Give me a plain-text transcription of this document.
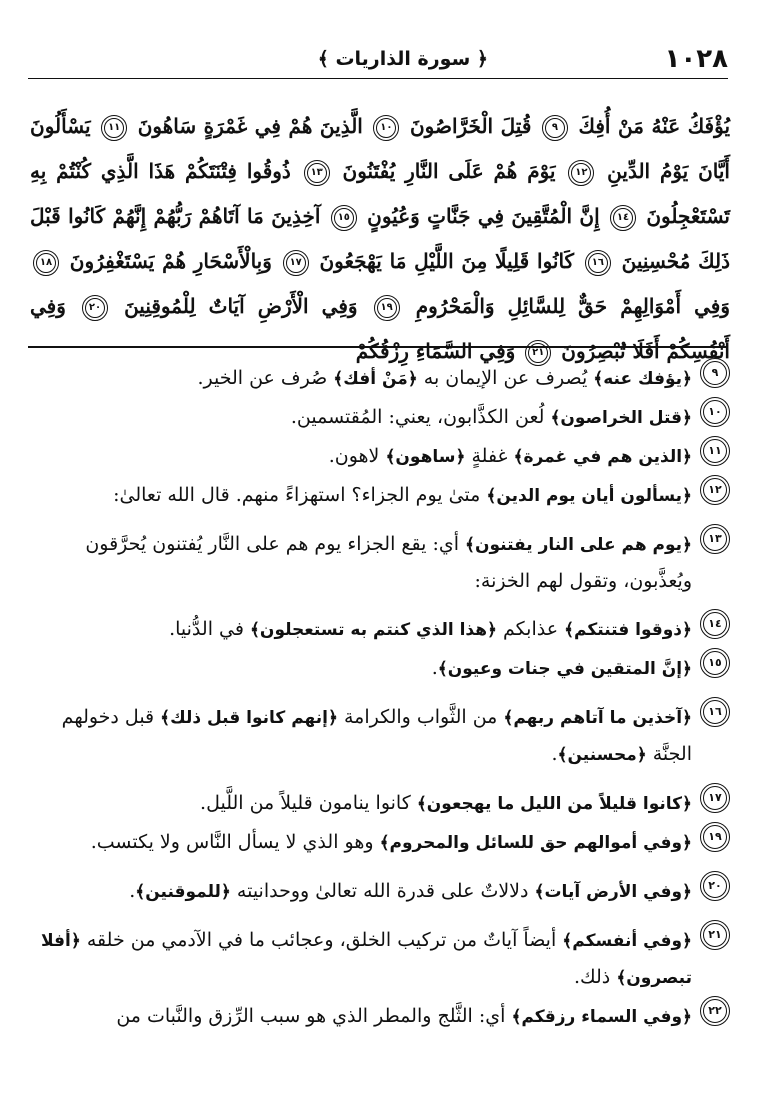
١٠٢٨
﴿ سورة الذاريات ﴾
يُؤْفَكُ عَنْهُ مَنْ أُفِكَ ٩ قُتِلَ الْخَرَّاصُونَ ١٠ الَّذِينَ هُمْ فِي غَمْرَةٍ سَاهُونَ ١١ يَسْأَلُونَ أَيَّانَ يَوْمُ الدِّينِ ١٢ يَوْمَ هُمْ عَلَى النَّارِ يُفْتَنُونَ ١٣ ذُوقُوا فِتْنَتَكُمْ هَذَا الَّذِي كُنْتُمْ بِهِ تَسْتَعْجِلُونَ ١٤ إِنَّ الْمُتَّقِينَ فِي جَنَّاتٍ وَعُيُونٍ ١٥ آخِذِينَ مَا آتَاهُمْ رَبُّهُمْ إِنَّهُمْ كَانُوا قَبْلَ ذَلِكَ مُحْسِنِينَ ١٦ كَانُوا قَلِيلًا مِنَ اللَّيْلِ مَا يَهْجَعُونَ ١٧ وَبِالْأَسْحَارِ هُمْ يَسْتَغْفِرُونَ ١٨ وَفِي أَمْوَالِهِمْ حَقٌّ لِلسَّائِلِ وَالْمَحْرُومِ ١٩ وَفِي الْأَرْضِ آيَاتٌ لِلْمُوقِنِينَ ٢٠ وَفِي أَنْفُسِكُمْ أَفَلَا تُبْصِرُونَ ٢١ وَفِي السَّمَاءِ رِزْقُكُمْ
٩
﴿يؤفك عنه﴾ يُصرف عن الإيمان به ﴿مَنْ أفك﴾ صُرف عن الخير.
١٠
﴿قتل الخراصون﴾ لُعن الكذَّابون، يعني: المُقتسمين.
١١
﴿الذين هم في غمرة﴾ غفلةٍ ﴿ساهون﴾ لاهون.
١٢
﴿يسألون أيان يوم الدين﴾ متىٰ يوم الجزاء؟ استهزاءً منهم. قال الله تعالىٰ:
١٣
﴿يوم هم على النار يفتنون﴾ أي: يقع الجزاء يوم هم على النَّار يُفتنون يُحرَّقون ويُعذَّبون، وتقول لهم الخزنة:
١٤
﴿ذوقوا فتنتكم﴾ عذابكم ﴿هذا الذي كنتم به تستعجلون﴾ في الدُّنيا.
١٥
﴿إنَّ المتقين في جنات وعيون﴾.
١٦
﴿آخذين ما آتاهم ربهم﴾ من الثَّواب والكرامة ﴿إنهم كانوا قبل ذلك﴾ قبل دخولهم الجنَّة ﴿محسنين﴾.
١٧
﴿كانوا قليلاً من الليل ما يهجعون﴾ كانوا ينامون قليلاً من اللَّيل.
١٩
﴿وفي أموالهم حق للسائل والمحروم﴾ وهو الذي لا يسأل النَّاس ولا يكتسب.
٢٠
﴿وفي الأرض آيات﴾ دلالاتٌ على قدرة الله تعالىٰ ووحدانيته ﴿للموقنين﴾.
٢١
﴿وفي أنفسكم﴾ أيضاً آياتٌ من تركيب الخلق، وعجائب ما في الآدمي من خلقه ﴿أفلا تبصرون﴾ ذلك.
٢٢
﴿وفي السماء رزقكم﴾ أي: الثَّلج والمطر الذي هو سبب الرِّزق والنَّبات من
